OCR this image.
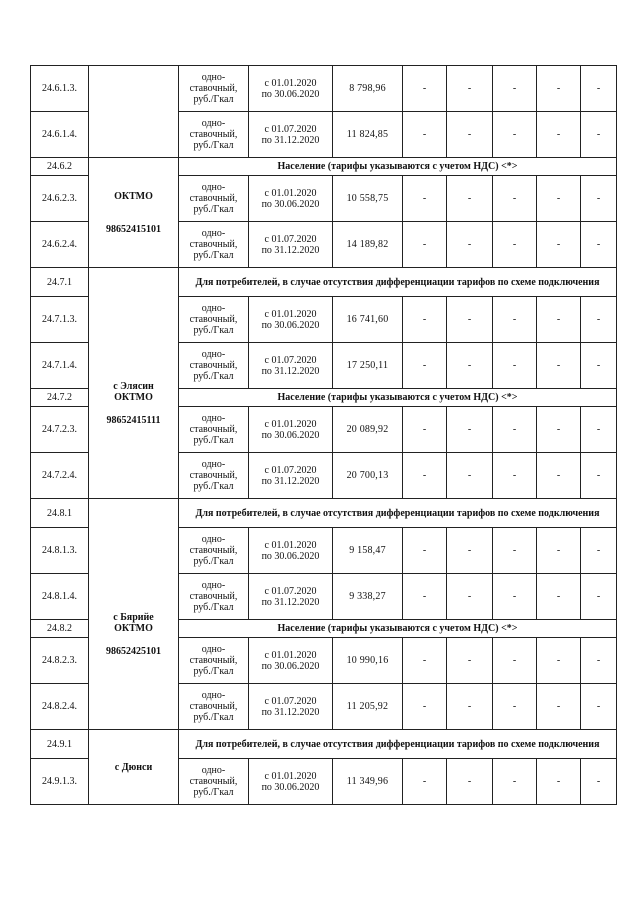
24.6.1.3.		одно-
ставочный,
руб./Гкал	с 01.01.2020
по 30.06.2020	8 798,96	-	-	-	-	-
24.6.1.4.		одно-
ставочный,
руб./Гкал	с 01.07.2020
по 31.12.2020	11 824,85	-	-	-	-	-
24.6.2	ОКТМО
98652415101	Население (тарифы указываются с учетом НДС) <*>							
24.6.2.3.		одно-
ставочный,
руб./Гкал	с 01.01.2020
по 30.06.2020	10 558,75	-	-	-	-	-
24.6.2.4.		одно-
ставочный,
руб./Гкал	с 01.07.2020
по 31.12.2020	14 189,82	-	-	-	-	-
24.7.1	с Элясин
ОКТМО
98652415111	Для потребителей, в случае отсутствия дифференциации тарифов по схеме подключения							
24.7.1.3.		одно-
ставочный,
руб./Гкал	с 01.01.2020
по 30.06.2020	16 741,60	-	-	-	-	-
24.7.1.4.		одно-
ставочный,
руб./Гкал	с 01.07.2020
по 31.12.2020	17 250,11	-	-	-	-	-
24.7.2		Население (тарифы указываются с учетом НДС) <*>							
24.7.2.3.		одно-
ставочный,
руб./Гкал	с 01.01.2020
по 30.06.2020	20 089,92	-	-	-	-	-
24.7.2.4.		одно-
ставочный,
руб./Гкал	с 01.07.2020
по 31.12.2020	20 700,13	-	-	-	-	-
24.8.1	с Бярийе
ОКТМО
98652425101	Для потребителей, в случае отсутствия дифференциации тарифов по схеме подключения							
24.8.1.3.		одно-
ставочный,
руб./Гкал	с 01.01.2020
по 30.06.2020	9 158,47	-	-	-	-	-
24.8.1.4.		одно-
ставочный,
руб./Гкал	с 01.07.2020
по 31.12.2020	9 338,27	-	-	-	-	-
24.8.2		Население (тарифы указываются с учетом НДС) <*>							
24.8.2.3.		одно-
ставочный,
руб./Гкал	с 01.01.2020
по 30.06.2020	10 990,16	-	-	-	-	-
24.8.2.4.		одно-
ставочный,
руб./Гкал	с 01.07.2020
по 31.12.2020	11 205,92	-	-	-	-	-
24.9.1	с Дюнси	Для потребителей, в случае отсутствия дифференциации тарифов по схеме подключения							
24.9.1.3.		одно-
ставочный,
руб./Гкал	с 01.01.2020
по 30.06.2020	11 349,96	-	-	-	-	-
